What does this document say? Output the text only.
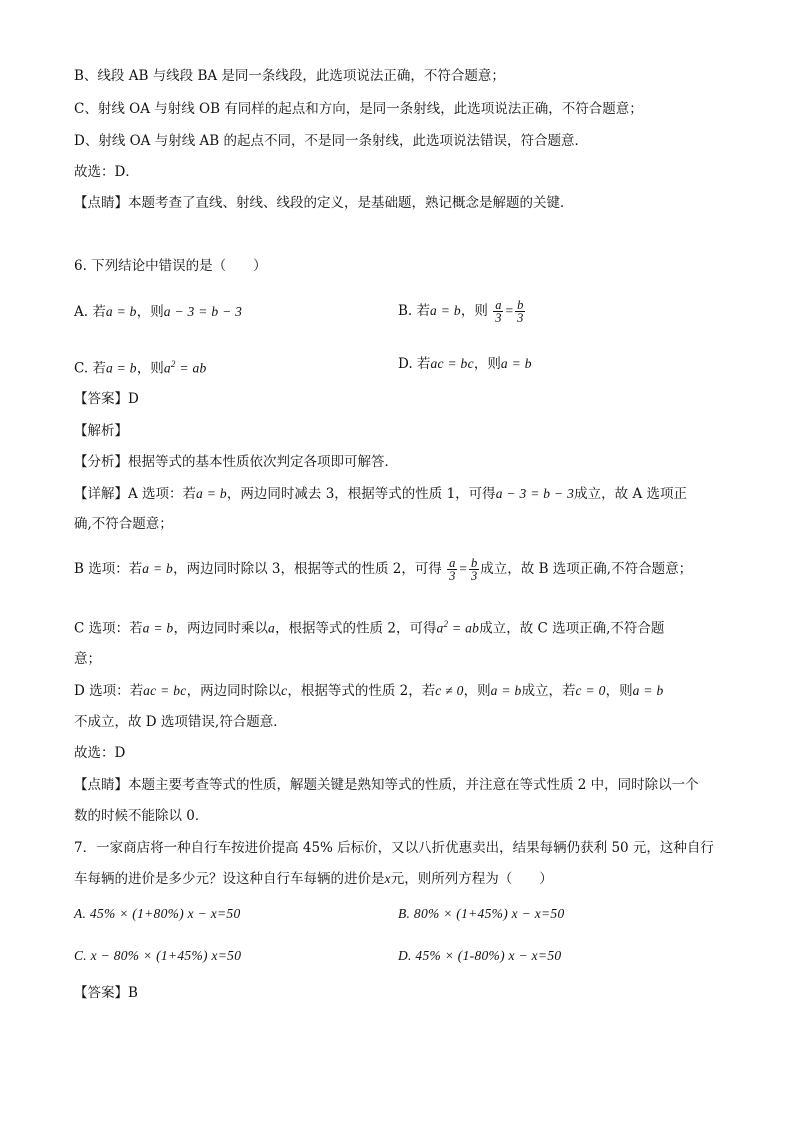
B、线段 AB 与线段 BA 是同一条线段，此选项说法正确，不符合题意；
C、射线 OA 与射线 OB 有同样的起点和方向，是同一条射线，此选项说法正确，不符合题意；
D、射线 OA 与射线 AB 的起点不同，不是同一条射线，此选项说法错误，符合题意．
故选：D．
【点睛】本题考查了直线、射线、线段的定义，是基础题，熟记概念是解题的关键．
6. 下列结论中错误的是（　　）
A. 若a = b，则a − 3 = b − 3	B. 若a = b，则 $\frac{a}{3} = \frac{b}{3}$
C. 若a = b，则$a^2$ = ab	D. 若ac = bc，则a = b
【答案】D
【解析】
【分析】根据等式的基本性质依次判定各项即可解答．
【详解】A 选项：若a = b，两边同时减去 3，根据等式的性质 1，可得a − 3 = b − 3成立，故 A 选项正
确,不符合题意；
B 选项：若a = b，两边同时除以 3，根据等式的性质 2，可得 $\frac{a}{3} = \frac{b}{3}$ 成立，故 B 选项正确,不符合题意；
C 选项：若a = b，两边同时乘以a，根据等式的性质 2，可得$a^2$ = ab成立，故 C 选项正确,不符合题
意；
D 选项：若ac = bc，两边同时除以c，根据等式的性质 2，若c ≠ 0，则a = b成立，若c = 0，则a = b
不成立，故 D 选项错误,符合题意．
故选：D
【点睛】本题主要考查等式的性质，解题关键是熟知等式的性质，并注意在等式性质 2 中，同时除以一个
数的时候不能除以 0．
7．一家商店将一种自行车按进价提高 45% 后标价，又以八折优惠卖出，结果每辆仍获利 50 元，这种自行
车每辆的进价是多少元？设这种自行车每辆的进价是x元，则所列方程为（　　）
A. 45% × (1+80%) x − x=50	B. 80% × (1+45%) x − x=50
C. x − 80% × (1+45%) x=50	D. 45% × (1-80%) x − x=50
【答案】B
